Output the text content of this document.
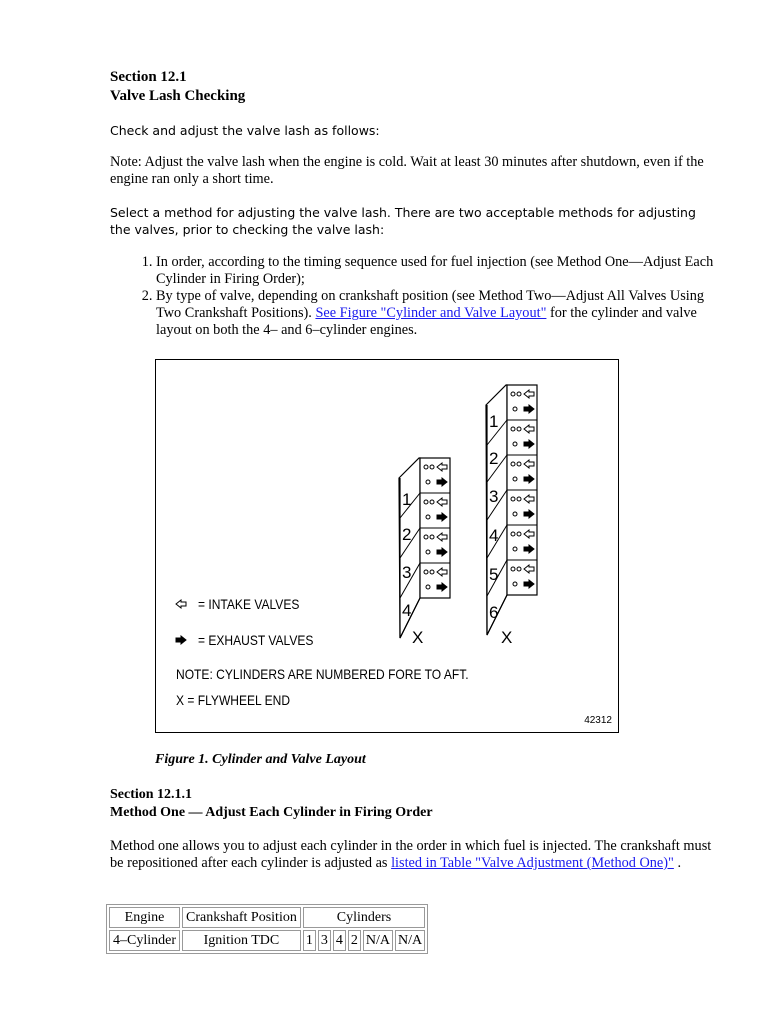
Section 12.1

Valve Lash Checking

Check and adjust the valve lash as follows:

Note: Adjust the valve lash when the engine is cold. Wait at least 30 minutes after shutdown, even if the engine ran only a short time.

Select a method for adjusting the valve lash. There are two acceptable methods for adjusting the valves, prior to checking the valve lash:

1. In order, according to the timing sequence used for fuel injection (see Method One—Adjust Each Cylinder in Firing Order);
2. By type of valve, depending on crankshaft position (see Method Two—Adjust All Valves Using Two Crankshaft Positions). See Figure "Cylinder and Valve Layout" for the cylinder and valve layout on both the 4– and 6–cylinder engines.
1
2
3
4
X
1
2
3
4
5
6
X
= INTAKE VALVES
= EXHAUST VALVES
NOTE: CYLINDERS ARE NUMBERED FORE TO AFT.
X = FLYWHEEL END
42312
Figure 1. Cylinder and Valve Layout

Section 12.1.1

Method One — Adjust Each Cylinder in Firing Order

Method one allows you to adjust each cylinder in the order in which fuel is injected. The crankshaft must be repositioned after each cylinder is adjusted as listed in Table "Valve Adjustment (Method One)" .

Engine	Crankshaft Position	Cylinders					
4–Cylinder	Ignition TDC	1	3	4	2	N/A	N/A
